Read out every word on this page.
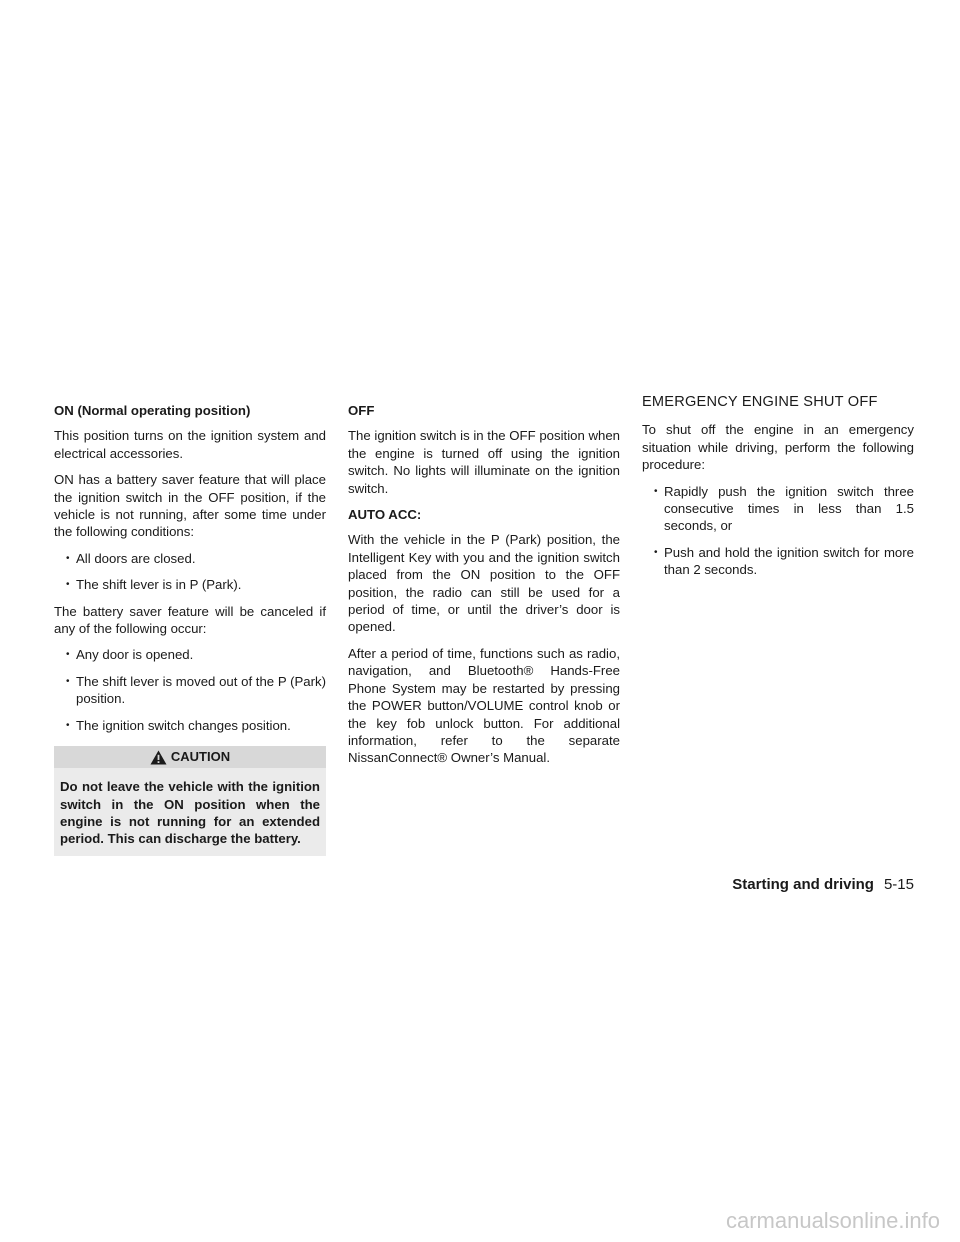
ON (Normal operating position)

This position turns on the ignition system and electrical accessories.

ON has a battery saver feature that will place the ignition switch in the OFF position, if the vehicle is not running, after some time under the following conditions:

• All doors are closed.
• The shift lever is in P (Park).

The battery saver feature will be canceled if any of the following occur:

• Any door is opened.
• The shift lever is moved out of the P (Park) position.
• The ignition switch changes position.
CAUTION
Do not leave the vehicle with the ignition switch in the ON position when the engine is not running for an extended period. This can discharge the battery.
OFF

The ignition switch is in the OFF position when the engine is turned off using the ignition switch. No lights will illuminate on the ignition switch.

AUTO ACC:

With the vehicle in the P (Park) position, the Intelligent Key with you and the ignition switch placed from the ON position to the OFF position, the radio can still be used for a period of time, or until the driver’s door is opened.

After a period of time, functions such as radio, navigation, and Bluetooth® Hands-Free Phone System may be restarted by pressing the POWER button/VOLUME control knob or the key fob unlock button. For additional information, refer to the separate NissanConnect® Owner’s Manual.

EMERGENCY ENGINE SHUT OFF

To shut off the engine in an emergency situation while driving, perform the following procedure:

• Rapidly push the ignition switch three consecutive times in less than 1.5 seconds, or
• Push and hold the ignition switch for more than 2 seconds.
Starting and driving 5-15
carmanualsonline.info
